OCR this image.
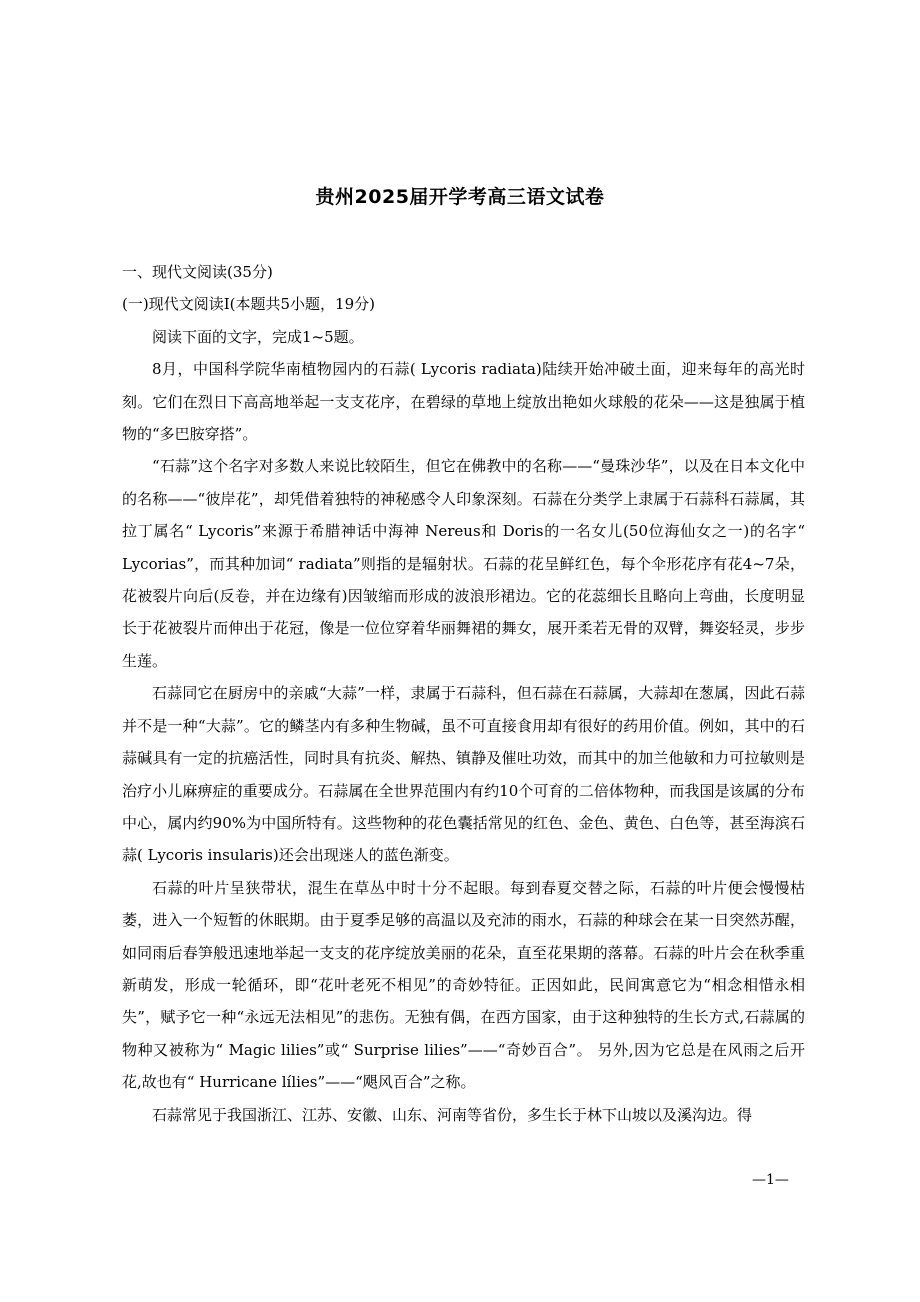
贵州2025届开学考高三语文试卷

一、现代文阅读(35分)

(一)现代文阅读Ⅰ(本题共5小题，19分)

阅读下面的文字，完成1~5题。

8月，中国科学院华南植物园内的石蒜( Lycoris radiata)陆续开始冲破土面，迎来每年的高光时刻。它们在烈日下高高地举起一支支花序，在碧绿的草地上绽放出艳如火球般的花朵——这是独属于植物的“多巴胺穿搭”。

“石蒜”这个名字对多数人来说比较陌生，但它在佛教中的名称——“曼珠沙华”，以及在日本文化中的名称——“彼岸花”，却凭借着独特的神秘感令人印象深刻。石蒜在分类学上隶属于石蒜科石蒜属，其拉丁属名“ Lycoris”来源于希腊神话中海神 Nereus和 Doris的一名女儿(50位海仙女之一)的名字“ Lycorias”，而其种加词“ radiata”则指的是辐射状。石蒜的花呈鲜红色，每个伞形花序有花4~7朵，花被裂片向后(反卷，并在边缘有)因皱缩而形成的波浪形裙边。它的花蕊细长且略向上弯曲，长度明显长于花被裂片而伸出于花冠，像是一位位穿着华丽舞裙的舞女，展开柔若无骨的双臂，舞姿轻灵，步步生莲。

石蒜同它在厨房中的亲戚“大蒜”一样，隶属于石蒜科，但石蒜在石蒜属，大蒜却在葱属，因此石蒜并不是一种“大蒜”。它的鳞茎内有多种生物碱，虽不可直接食用却有很好的药用价值。例如，其中的石蒜碱具有一定的抗癌活性，同时具有抗炎、解热、镇静及催吐功效，而其中的加兰他敏和力可拉敏则是治疗小儿麻痹症的重要成分。石蒜属在全世界范围内有约10个可育的二倍体物种，而我国是该属的分布中心，属内约90%为中国所特有。这些物种的花色囊括常见的红色、金色、黄色、白色等，甚至海滨石蒜( Lycoris insularis)还会出现迷人的蓝色渐变。

石蒜的叶片呈狭带状，混生在草丛中时十分不起眼。每到春夏交替之际，石蒜的叶片便会慢慢枯萎，进入一个短暂的休眠期。由于夏季足够的高温以及充沛的雨水，石蒜的种球会在某一日突然苏醒，如同雨后春笋般迅速地举起一支支的花序绽放美丽的花朵，直至花果期的落幕。石蒜的叶片会在秋季重新萌发，形成一轮循环，即“花叶老死不相见”的奇妙特征。正因如此，民间寓意它为“相念相惜永相失”，赋予它一种“永远无法相见”的悲伤。无独有偶，在西方国家，由于这种独特的生长方式,石蒜属的物种又被称为“ Magic lilies”或“ Surprise lilies”——“奇妙百合”。 另外,因为它总是在风雨之后开花,故也有“ Hurricane lílies”——“飓风百合”之称。

石蒜常见于我国浙江、江苏、安徽、山东、河南等省份，多生长于林下山坡以及溪沟边。得

—1—
